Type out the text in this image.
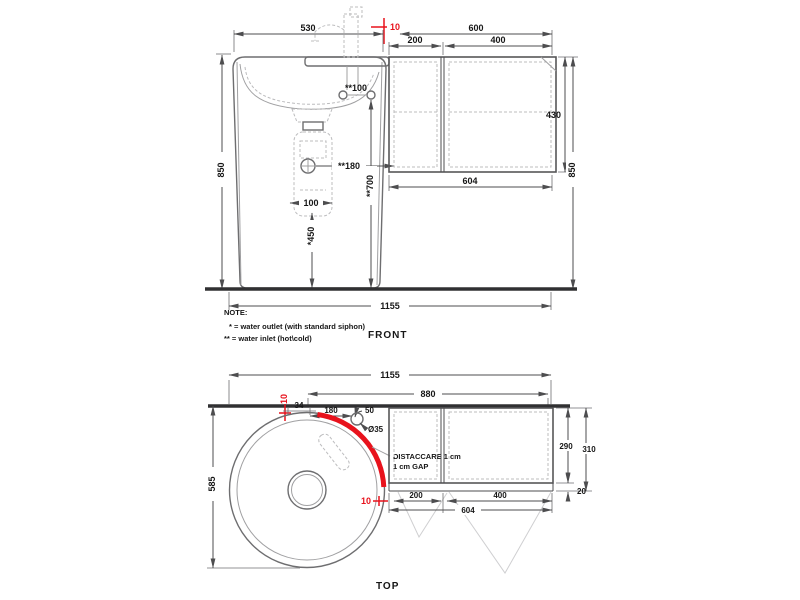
10
**100
**180
**700
100
*450
530	600
200	400
850
430
850
604
1155
NOTE:
* = water outlet (with standard siphon)
** = water inlet (hot\cold)	FRONT
1155
880
10
34
180	50
Ø35
DISTACCARE 1 cm
1 cm GAP
290 310
20
10
200	400
604
585
TOP
